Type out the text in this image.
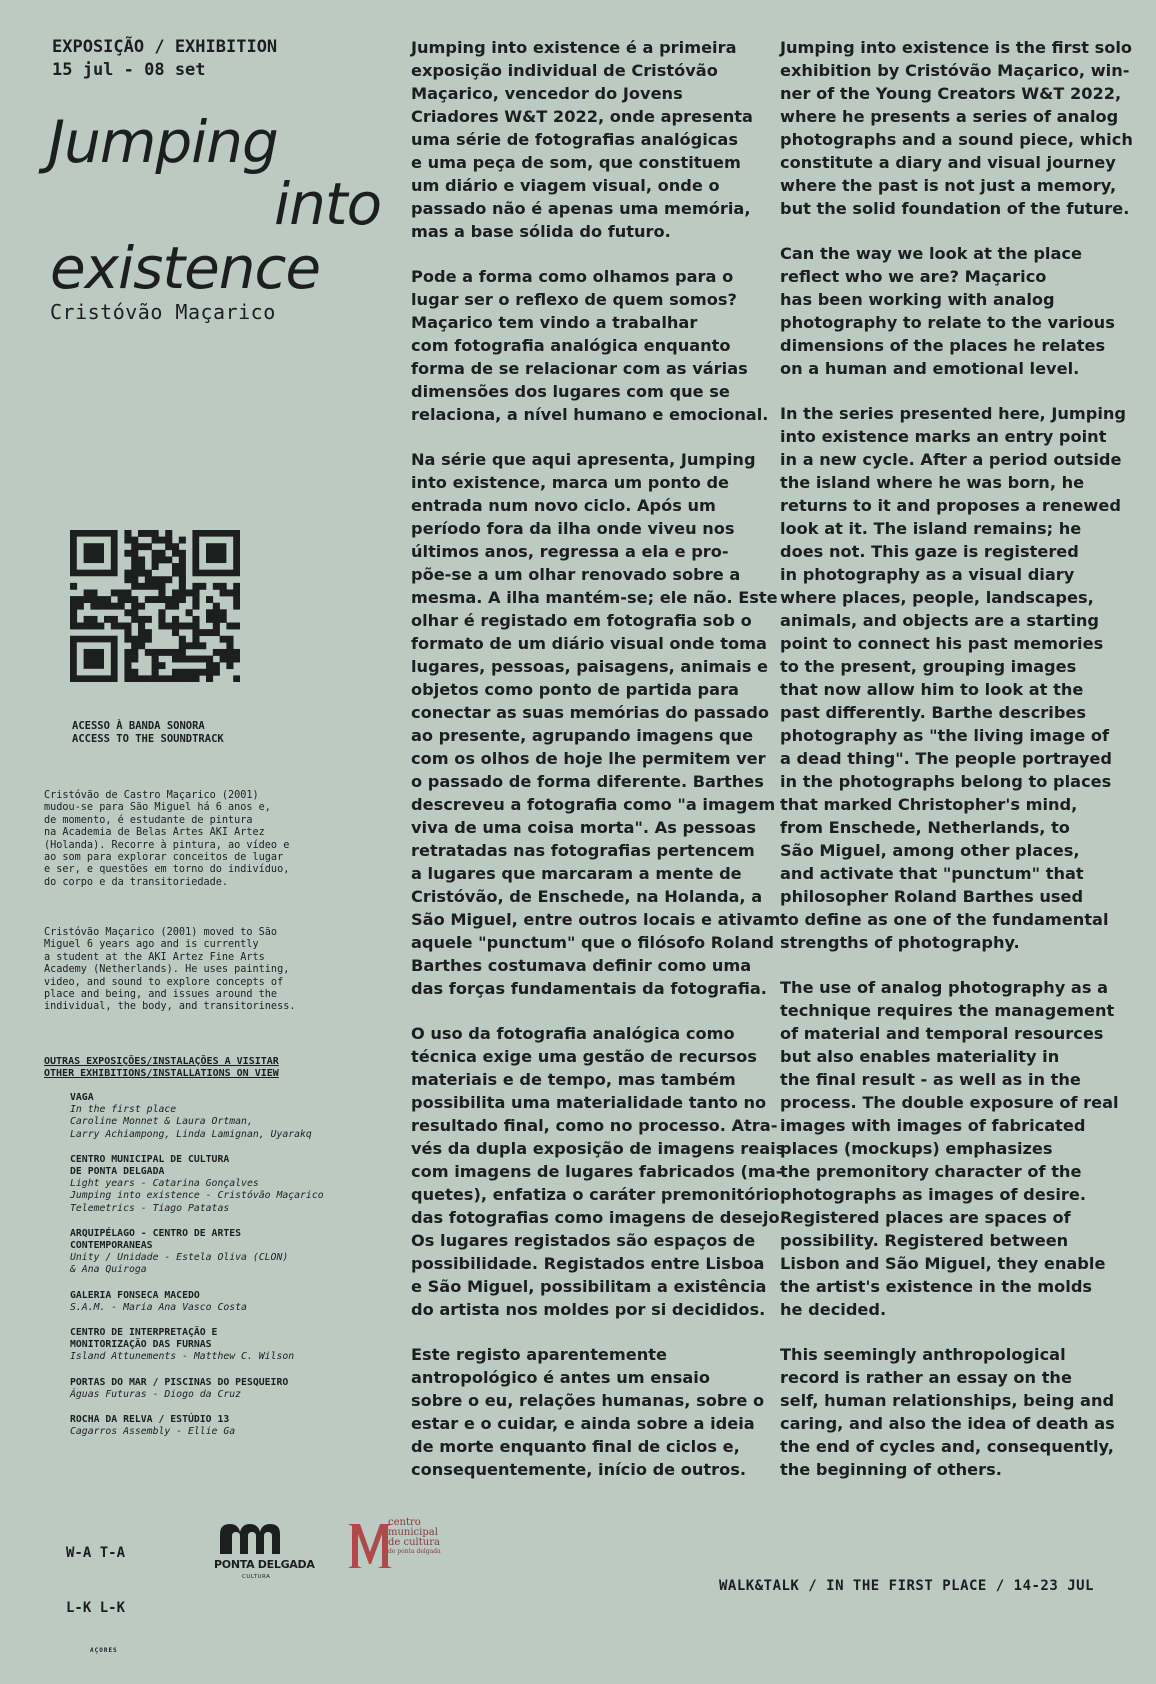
EXPOSIÇÃO / EXHIBITION
15 jul - 08 set
Jumping
into
existence
Cristóvão Maçarico
ACESSO À BANDA SONORA
ACCESS TO THE SOUNDTRACK
Cristóvão de Castro Maçarico (2001)
mudou-se para São Miguel há 6 anos e,
de momento, é estudante de pintura
na Academia de Belas Artes AKI Artez
(Holanda). Recorre à pintura, ao vídeo e
ao som para explorar conceitos de lugar
e ser, e questões em torno do indivíduo,
do corpo e da transitoriedade.
Cristóvão Maçarico (2001) moved to São
Miguel 6 years ago and is currently
a student at the AKI Artez Fine Arts
Academy (Netherlands). He uses painting,
video, and sound to explore concepts of
place and being, and issues around the
individual, the body, and transitoriness.
OUTRAS EXPOSIÇÕES/INSTALAÇÕES A VISITAR
OTHER EXHIBITIONS/INSTALLATIONS ON VIEW
VAGA
In the first place
Caroline Monnet & Laura Ortman,
Larry Achiampong, Linda Lamignan, Uyarakq
CENTRO MUNICIPAL DE CULTURA
DE PONTA DELGADA
Light years - Catarina Gonçalves
Jumping into existence - Cristóvão Maçarico
Telemetrics - Tiago Patatas
ARQUIPÉLAGO - CENTRO DE ARTES
CONTEMPORANEAS
Unity / Unidade - Estela Oliva (CLON)
& Ana Quiroga
GALERIA FONSECA MACEDO
S.A.M. - Maria Ana Vasco Costa
CENTRO DE INTERPRETAÇÃO E
MONITORIZAÇÃO DAS FURNAS
Island Attunements - Matthew C. Wilson
PORTAS DO MAR / PISCINAS DO PESQUEIRO
Águas Futuras - Diogo da Cruz
ROCHA DA RELVA / ESTÚDIO 13
Cagarros Assembly - Ellie Ga

W-A T-A

L-K L-K

AÇORES

PONTA DELGADA
CULTURA
centro
municipal
de cultura
de ponta delgada

Jumping into existence é a primeira
exposição individual de Cristóvão
Maçarico, vencedor do Jovens
Criadores W&T 2022, onde apresenta
uma série de fotografias analógicas
e uma peça de som, que constituem
um diário e viagem visual, onde o
passado não é apenas uma memória,
mas a base sólida do futuro.

Pode a forma como olhamos para o
lugar ser o reflexo de quem somos?
Maçarico tem vindo a trabalhar
com fotografia analógica enquanto
forma de se relacionar com as várias
dimensões dos lugares com que se
relaciona, a nível humano e emocional.

Na série que aqui apresenta, Jumping
into existence, marca um ponto de
entrada num novo ciclo. Após um
período fora da ilha onde viveu nos
últimos anos, regressa a ela e pro-
põe-se a um olhar renovado sobre a
mesma. A ilha mantém-se; ele não. Este
olhar é registado em fotografia sob o
formato de um diário visual onde toma
lugares, pessoas, paisagens, animais e
objetos como ponto de partida para
conectar as suas memórias do passado
ao presente, agrupando imagens que
com os olhos de hoje lhe permitem ver
o passado de forma diferente. Barthes
descreveu a fotografia como "a imagem
viva de uma coisa morta". As pessoas
retratadas nas fotografias pertencem
a lugares que marcaram a mente de
Cristóvão, de Enschede, na Holanda, a
São Miguel, entre outros locais e ativam
aquele "punctum" que o filósofo Roland
Barthes costumava definir como uma
das forças fundamentais da fotografia.

O uso da fotografia analógica como
técnica exige uma gestão de recursos
materiais e de tempo, mas também
possibilita uma materialidade tanto no
resultado final, como no processo. Atra-
vés da dupla exposição de imagens reais
com imagens de lugares fabricados (ma-
quetes), enfatiza o caráter premonitório
das fotografias como imagens de desejo.
Os lugares registados são espaços de
possibilidade. Registados entre Lisboa
e São Miguel, possibilitam a existência
do artista nos moldes por si decididos.

Este registo aparentemente
antropológico é antes um ensaio
sobre o eu, relações humanas, sobre o
estar e o cuidar, e ainda sobre a ideia
de morte enquanto final de ciclos e,
consequentemente, início de outros.

Jumping into existence is the first solo
exhibition by Cristóvão Maçarico, win-
ner of the Young Creators W&T 2022,
where he presents a series of analog
photographs and a sound piece, which
constitute a diary and visual journey
where the past is not just a memory,
but the solid foundation of the future.

Can the way we look at the place
reflect who we are? Maçarico
has been working with analog
photography to relate to the various
dimensions of the places he relates
on a human and emotional level.

In the series presented here, Jumping
into existence marks an entry point
in a new cycle. After a period outside
the island where he was born, he
returns to it and proposes a renewed
look at it. The island remains; he
does not. This gaze is registered
in photography as a visual diary
where places, people, landscapes,
animals, and objects are a starting
point to connect his past memories
to the present, grouping images
that now allow him to look at the
past differently. Barthe describes
photography as "the living image of
a dead thing". The people portrayed
in the photographs belong to places
that marked Christopher's mind,
from Enschede, Netherlands, to
São Miguel, among other places,
and activate that "punctum" that
philosopher Roland Barthes used
to define as one of the fundamental
strengths of photography.

The use of analog photography as a
technique requires the management
of material and temporal resources
but also enables materiality in
the final result - as well as in the
process. The double exposure of real
images with images of fabricated
places (mockups) emphasizes
the premonitory character of the
photographs as images of desire.
Registered places are spaces of
possibility. Registered between
Lisbon and São Miguel, they enable
the artist's existence in the molds
he decided.

This seemingly anthropological
record is rather an essay on the
self, human relationships, being and
caring, and also the idea of death as
the end of cycles and, consequently,
the beginning of others.

WALK&TALK / IN THE FIRST PLACE / 14-23 JUL
